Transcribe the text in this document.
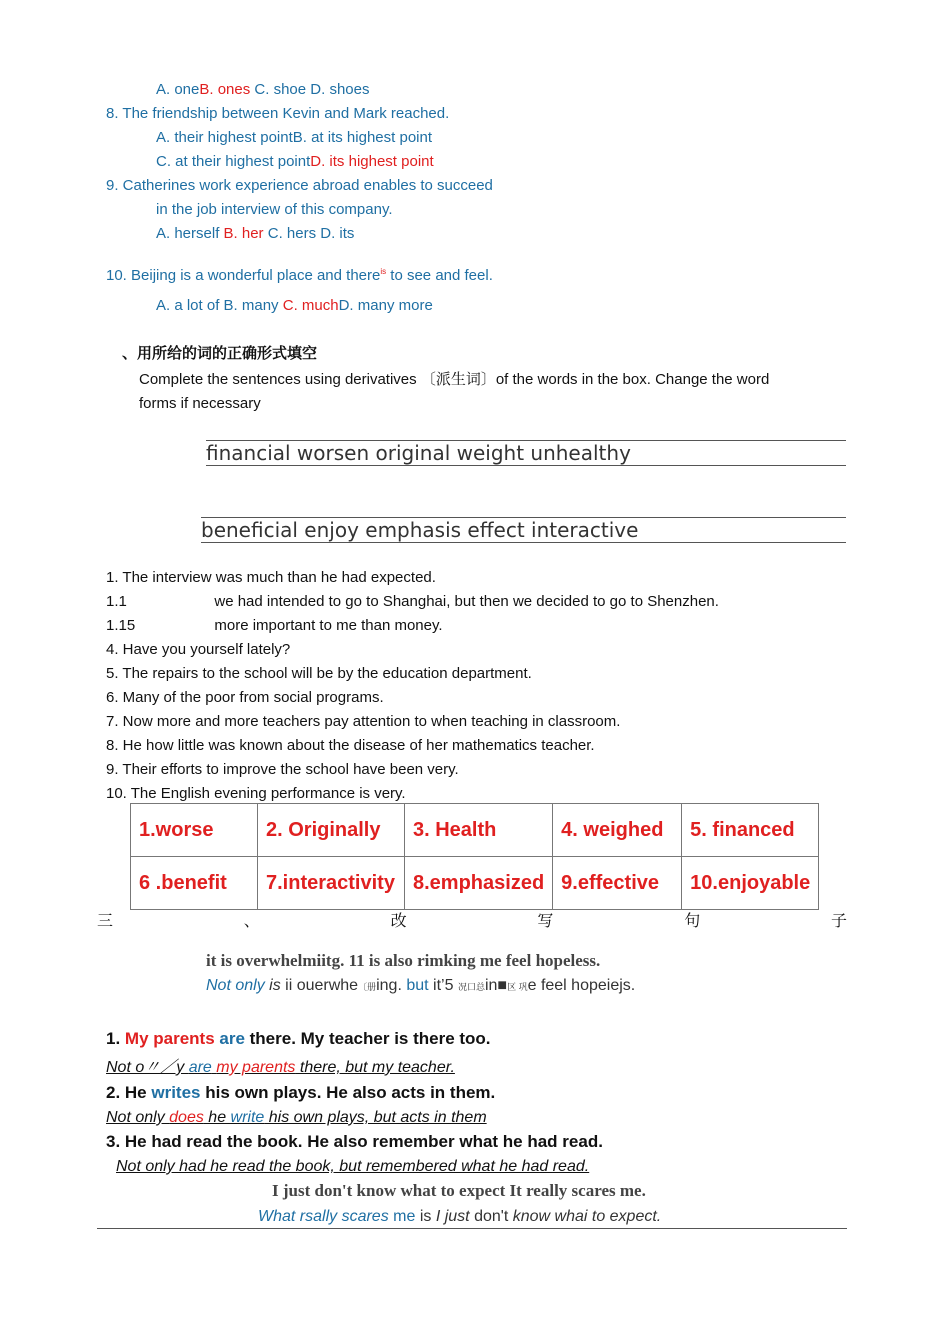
A. oneB. ones C. shoe D. shoes
8. The friendship between Kevin and Mark reached.
A. their highest pointB. at its highest point
C. at their highest pointD. its highest point
9. Catherines work experience abroad enables to succeed
in the job interview of this company.
A. herself B. her C. hers D. its
10. Beijing is a wonderful place and there$^{is}$ to see and feel.
A. a lot of B. many C. muchD. many more
、用所给的词的正确形式填空
Complete the sentences using derivatives 〔派生词〕of the words in the box. Change the word
forms if necessary
financial worsen original weight unhealthy
beneficial enjoy emphasis effect interactive
1. The interview was much than he had expected.
1.1                     we had intended to go to Shanghai, but then we decided to go to Shenzhen.
1.15                   more important to me than money.
4. Have you yourself lately?
5. The repairs to the school will be by the education department.
6. Many of the poor from social programs.
7. Now more and more teachers pay attention to when teaching in classroom.
8. He how little was known about the disease of her mathematics teacher.
9. Their efforts to improve the school have been very.
10. The English evening performance is very.
1.worse	2. Originally	3. Health	4. weighed	5. financed
6 .benefit	7.interactivity	8.emphasized	9.effective	10.enjoyable
三	、	改	写	句	子
it is overwhelmiitg. 11 is also rimking me feel hopeless.
Not only is ii ouerwhe〔册ing. but it’5 况口总in■区 巩e feel hopeiejs.
1. My parents are there. My teacher is there too.
Not o〃／y are my parents there, but my teacher.
2. He writes his own plays. He also acts in them.
Not only does he write his own plays, but acts in them
3. He had read the book. He also remember what he had read.
Not only had he read the book, but remembered what he had read.
I just don't know what to expect It really scares me.
What rsally scares me is I just don't know whai to expect.
